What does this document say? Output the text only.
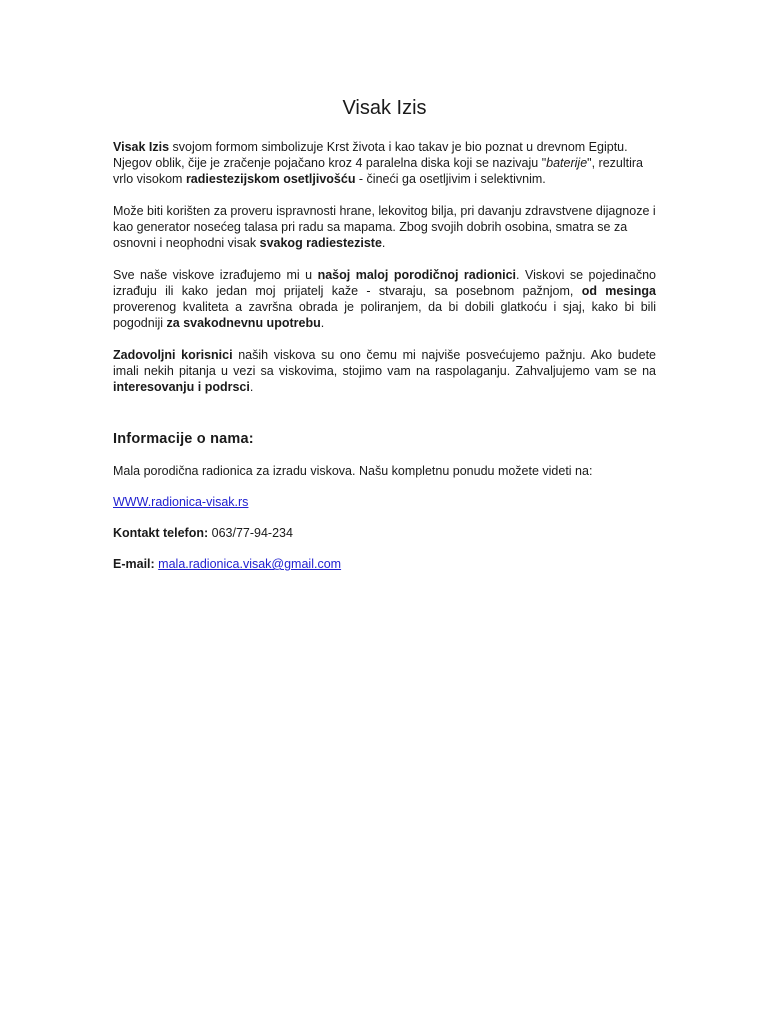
Visak Izis

Visak Izis svojom formom simbolizuje Krst života i kao takav je bio poznat u drevnom Egiptu. Njegov oblik, čije je zračenje pojačano kroz 4 paralelna diska koji se nazivaju "baterije", rezultira vrlo visokom radiestezijskom osetljivošću - čineći ga osetljivim i selektivnim.

Može biti korišten za proveru ispravnosti hrane, lekovitog bilja, pri davanju zdravstvene dijagnoze i kao generator nosećeg talasa pri radu sa mapama. Zbog svojih dobrih osobina, smatra se za osnovni i neophodni visak svakog radiesteziste.

Sve naše viskove izrađujemo mi u našoj maloj porodičnoj radionici. Viskovi se pojedinačno izrađuju ili kako jedan moj prijatelj kaže - stvaraju, sa posebnom pažnjom, od mesinga proverenog kvaliteta a završna obrada je poliranjem, da bi dobili glatkoću i sjaj, kako bi bili pogodniji za svakodnevnu upotrebu.

Zadovoljni korisnici naših viskova su ono čemu mi najviše posvećujemo pažnju. Ako budete imali nekih pitanja u vezi sa viskovima, stojimo vam na raspolaganju. Zahvaljujemo vam se na interesovanju i podrsci.

Informacije o nama:

Mala porodična radionica za izradu viskova. Našu kompletnu ponudu možete videti na:

WWW.radionica-visak.rs

Kontakt telefon: 063/77-94-234

E-mail: mala.radionica.visak@gmail.com
